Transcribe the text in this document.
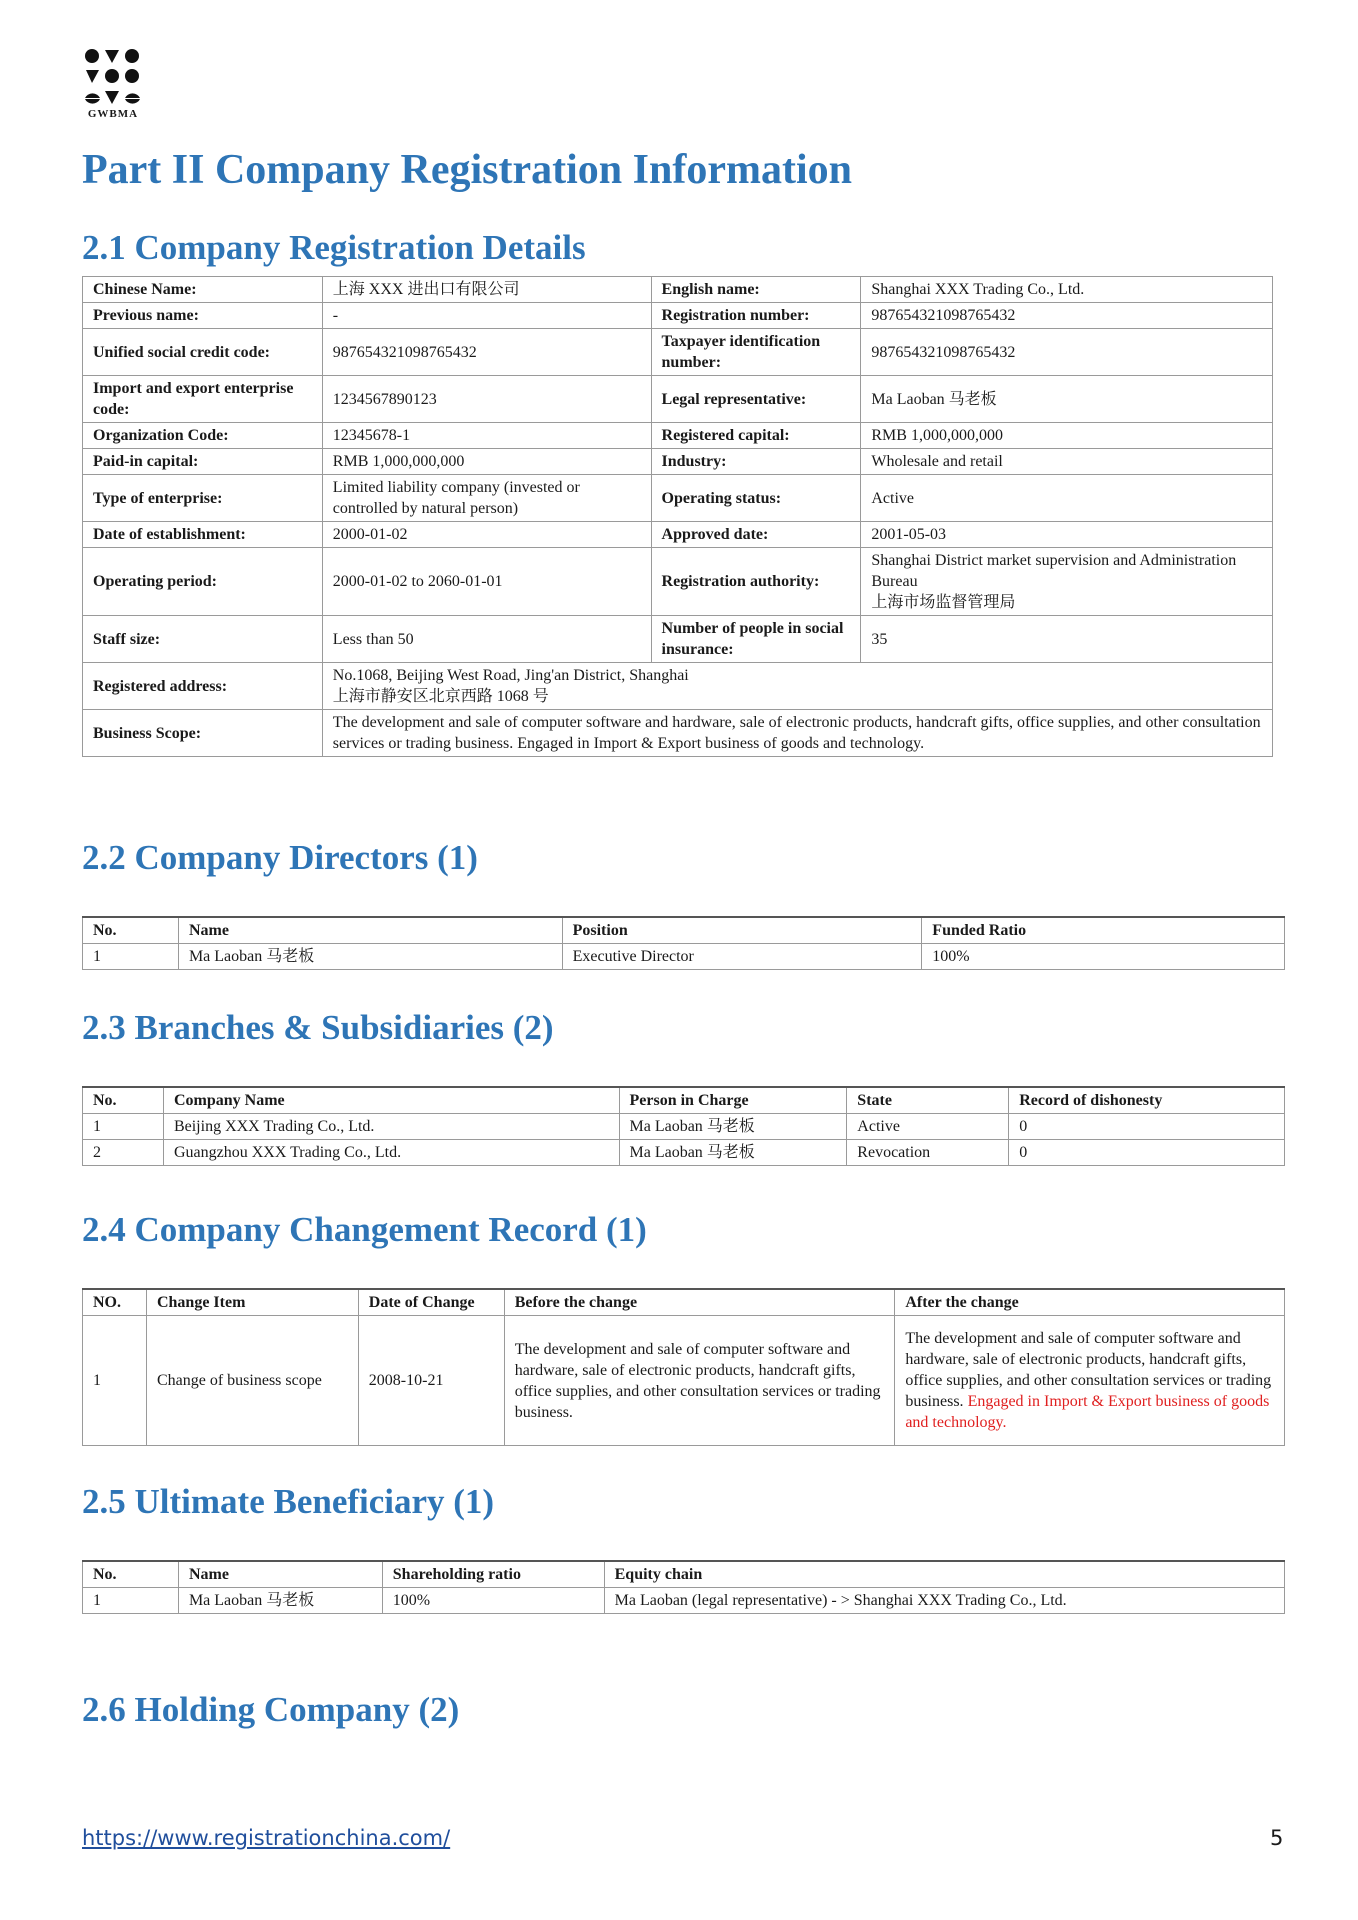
GWBMA
Part II Company Registration Information
2.1 Company Registration Details
Chinese Name:	上海 XXX 进出口有限公司	English name:	Shanghai XXX Trading Co., Ltd.
Previous name:	-	Registration number:	987654321098765432
Unified social credit code:	987654321098765432	Taxpayer identification number:	987654321098765432
Import and export enterprise code:	1234567890123	Legal representative:	Ma Laoban 马老板
Organization Code:	12345678-1	Registered capital:	RMB 1,000,000,000
Paid-in capital:	RMB 1,000,000,000	Industry:	Wholesale and retail
Type of enterprise:	Limited liability company (invested or controlled by natural person)	Operating status:	Active
Date of establishment:	2000-01-02	Approved date:	2001-05-03
Operating period:	2000-01-02 to 2060-01-01	Registration authority:	Shanghai District market supervision and Administration Bureau
上海市场监督管理局

Staff size:	Less than 50	Number of people in social insurance:	35
Registered address:	No.1068, Beijing West Road, Jing'an District, Shanghai
上海市静安区北京西路 1068 号		

Business Scope:	The development and sale of computer software and hardware, sale of electronic products, handcraft gifts, office supplies, and other consultation services or trading business. Engaged in Import & Export business of goods and technology.		
2.2 Company Directors (1)
No.	Name	Position	Funded Ratio
1	Ma Laoban 马老板	Executive Director	100%
2.3 Branches & Subsidiaries (2)
No.	Company Name	Person in Charge	State	Record of dishonesty
1	Beijing XXX Trading Co., Ltd.	Ma Laoban 马老板	Active	0
2	Guangzhou XXX Trading Co., Ltd.	Ma Laoban 马老板	Revocation	0
2.4 Company Changement Record (1)
NO.	Change Item	Date of Change	Before the change	After the change
1	Change of business scope	2008-10-21	The development and sale of computer software and hardware, sale of electronic products, handcraft gifts, office supplies, and other consultation services or trading business.	The development and sale of computer software and hardware, sale of electronic products, handcraft gifts, office supplies, and other consultation services or trading business. Engaged in Import & Export business of goods and technology.
2.5 Ultimate Beneficiary (1)
No.	Name	Shareholding ratio	Equity chain
1	Ma Laoban 马老板	100%	Ma Laoban (legal representative) - > Shanghai XXX Trading Co., Ltd.
2.6 Holding Company (2)
https://www.registrationchina.com/	5
